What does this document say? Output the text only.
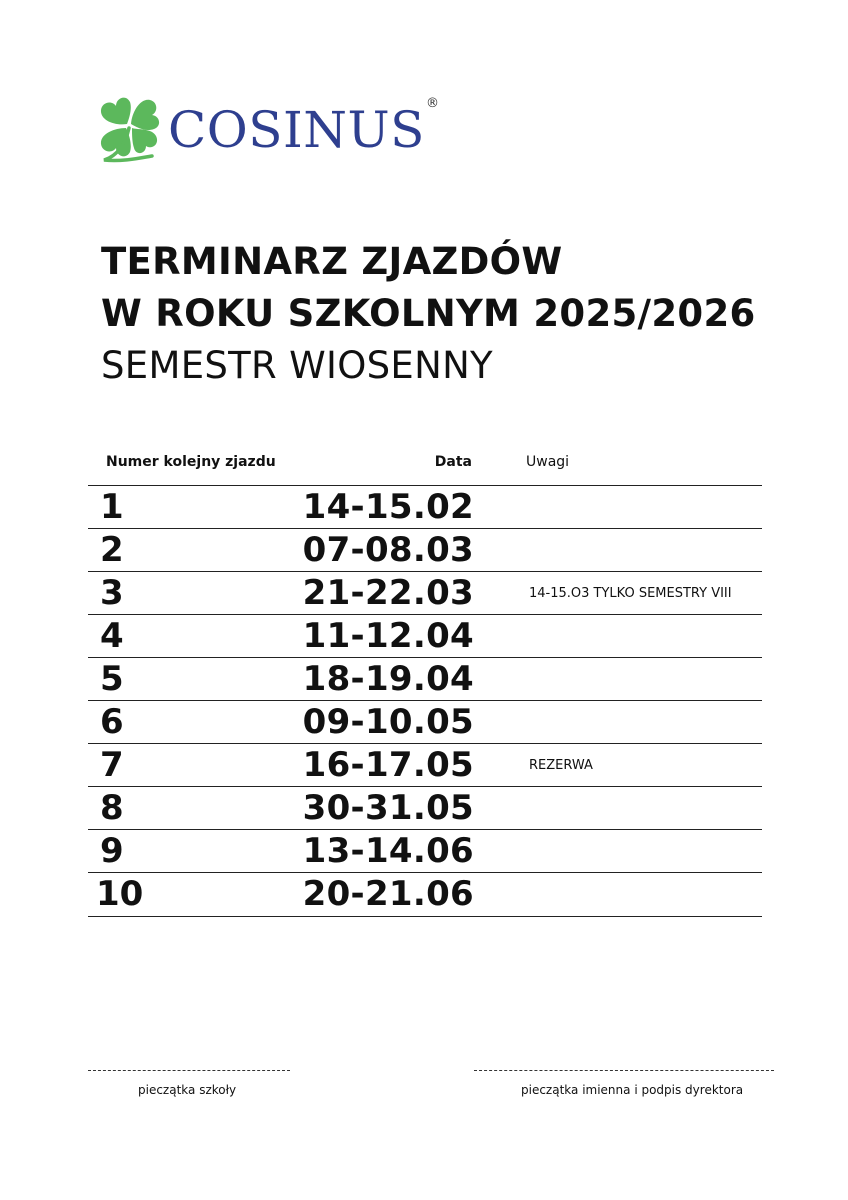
COSINUS ®
TERMINARZ ZJAZDÓW
W ROKU SZKOLNYM 2025/2026
SEMESTR WIOSENNY
Numer kolejny zjazdu	Data	Uwagi
1	14-15.02
2	07-08.03
3	21-22.03	14-15.O3 TYLKO SEMESTRY VIII
4	11-12.04
5	18-19.04
6	09-10.05
7	16-17.05	REZERWA
8	30-31.05
9	13-14.06
10	20-21.06
pieczątka szkoły	pieczątka imienna i podpis dyrektora
